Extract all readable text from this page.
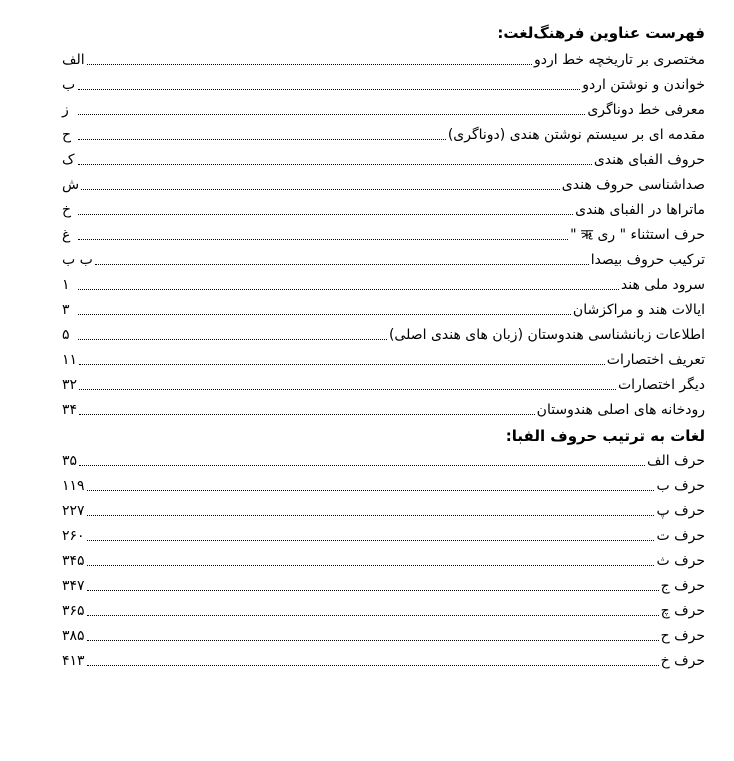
فهرست عناوین فرهنگ‌لغت:
مختصری بر تاریخچه خط اردو
الف
خواندن و نوشتن اردو
ب
معرفی خط دوناگری
ز
مقدمه ای بر سیستم نوشتن هندی (دوناگری)
ح
حروف الفبای هندی
ک
صداشناسی حروف هندی
ش
ماتراها در الفبای هندی
خ
حرف استثناء " ری ऋ "
غ
ترکیب حروف بیصدا
ب ب
سرود ملی هند
۱
ایالات هند و مراکزشان
۳
اطلاعات زبانشناسی هندوستان (زبان های هندی اصلی)
۵
تعریف اختصارات
۱۱
دیگر اختصارات
۳۲
رودخانه های اصلی هندوستان
۳۴
لغات به ترتیب حروف الفبا:
حرف الف
۳۵
حرف ب
۱۱۹
حرف پ
۲۲۷
حرف ت
۲۶۰
حرف ث
۳۴۵
حرف ج
۳۴۷
حرف چ
۳۶۵
حرف ح
۳۸۵
حرف خ
۴۱۳
